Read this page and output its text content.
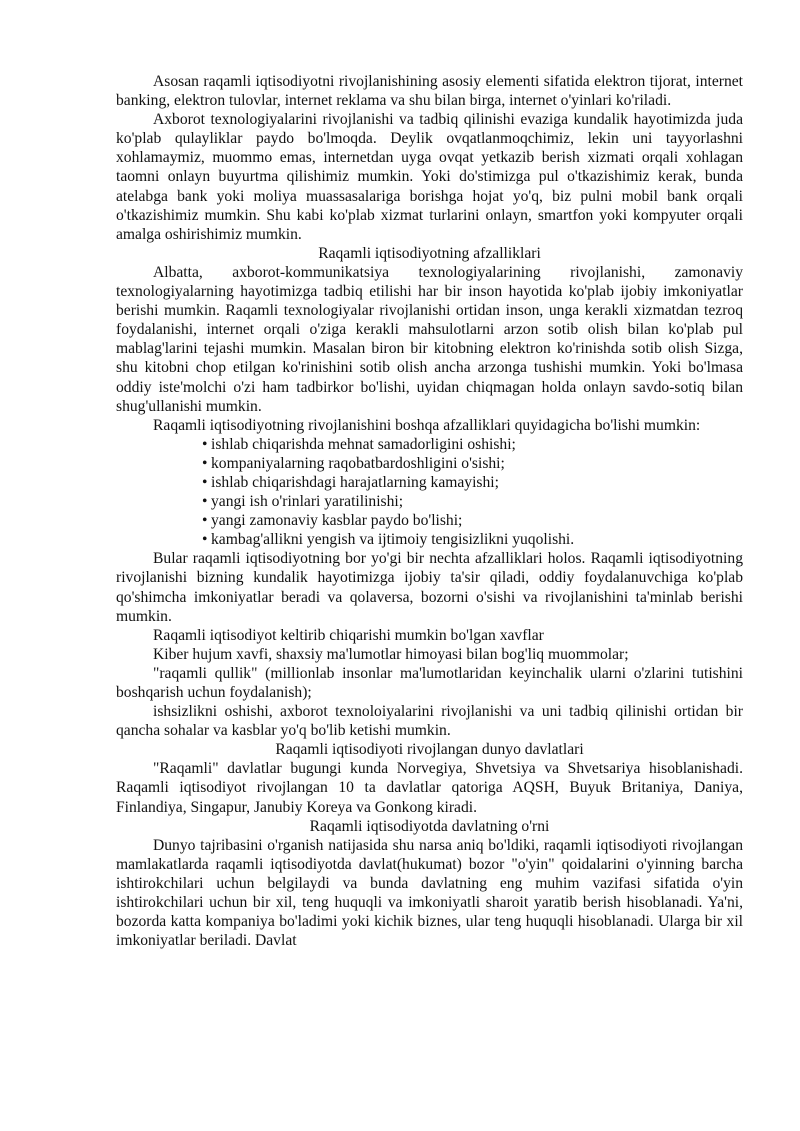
Asosan raqamli iqtisodiyotni rivojlanishining asosiy elementi sifatida elektron tijorat, internet banking, elektron tulovlar, internet reklama va shu bilan birga, internet o'yinlari ko'riladi.
Axborot texnologiyalarini rivojlanishi va tadbiq qilinishi evaziga kundalik hayotimizda juda ko'plab qulayliklar paydo bo'lmoqda. Deylik ovqatlanmoqchimiz, lekin uni tayyorlashni xohlamaymiz, muommo emas, internetdan uyga ovqat yetkazib berish xizmati orqali xohlagan taomni onlayn buyurtma qilishimiz mumkin. Yoki do'stimizga pul o'tkazishimiz kerak, bunda atelabga bank yoki moliya muassasalariga borishga hojat yo'q, biz pulni mobil bank orqali o'tkazishimiz mumkin. Shu kabi ko'plab xizmat turlarini onlayn, smartfon yoki kompyuter orqali amalga oshirishimiz mumkin.
Raqamli iqtisodiyotning afzalliklari
Albatta, axborot-kommunikatsiya texnologiyalarining rivojlanishi, zamonaviy texnologiyalarning hayotimizga tadbiq etilishi har bir inson hayotida ko'plab ijobiy imkoniyatlar berishi mumkin. Raqamli texnologiyalar rivojlanishi ortidan inson, unga kerakli xizmatdan tezroq foydalanishi, internet orqali o'ziga kerakli mahsulotlarni arzon sotib olish bilan ko'plab pul mablag'larini tejashi mumkin. Masalan biron bir kitobning elektron ko'rinishda sotib olish Sizga, shu kitobni chop etilgan ko'rinishini sotib olish ancha arzonga tushishi mumkin. Yoki bo'lmasa oddiy iste'molchi o'zi ham tadbirkor bo'lishi, uyidan chiqmagan holda onlayn savdo-sotiq bilan shug'ullanishi mumkin.
Raqamli iqtisodiyotning rivojlanishini boshqa afzalliklari quyidagicha bo'lishi mumkin:
• ishlab chiqarishda mehnat samadorligini oshishi;
• kompaniyalarning raqobatbardoshligini o'sishi;
• ishlab chiqarishdagi harajatlarning kamayishi;
• yangi ish o'rinlari yaratilinishi;
• yangi zamonaviy kasblar paydo bo'lishi;
• kambag'allikni yengish va ijtimoiy tengisizlikni yuqolishi.
Bular raqamli iqtisodiyotning bor yo'gi bir nechta afzalliklari holos. Raqamli iqtisodiyotning rivojlanishi bizning kundalik hayotimizga ijobiy ta'sir qiladi, oddiy foydalanuvchiga ko'plab qo'shimcha imkoniyatlar beradi va qolaversa, bozorni o'sishi va rivojlanishini ta'minlab berishi mumkin.
Raqamli iqtisodiyot keltirib chiqarishi mumkin bo'lgan xavflar
Kiber hujum xavfi, shaxsiy ma'lumotlar himoyasi bilan bog'liq muommolar;
"raqamli qullik" (millionlab insonlar ma'lumotlaridan keyinchalik ularni o'zlarini tutishini boshqarish uchun foydalanish);
ishsizlikni oshishi, axborot texnoloiyalarini rivojlanishi va uni tadbiq qilinishi ortidan bir qancha sohalar va kasblar yo'q bo'lib ketishi mumkin.
Raqamli iqtisodiyoti rivojlangan dunyo davlatlari
"Raqamli" davlatlar bugungi kunda Norvegiya, Shvetsiya va Shvetsariya hisoblanishadi. Raqamli iqtisodiyot rivojlangan 10 ta davlatlar qatoriga AQSH, Buyuk Britaniya, Daniya, Finlandiya, Singapur, Janubiy Koreya va Gonkong kiradi.
Raqamli iqtisodiyotda davlatning o'rni
Dunyo tajribasini o'rganish natijasida shu narsa aniq bo'ldiki, raqamli iqtisodiyoti rivojlangan mamlakatlarda raqamli iqtisodiyotda davlat(hukumat) bozor "o'yin" qoidalarini o'yinning barcha ishtirokchilari uchun belgilaydi va bunda davlatning eng muhim vazifasi sifatida o'yin ishtirokchilari uchun bir xil, teng huquqli va imkoniyatli sharoit yaratib berish hisoblanadi. Ya'ni, bozorda katta kompaniya bo'ladimi yoki kichik biznes, ular teng huquqli hisoblanadi. Ularga bir xil imkoniyatlar beriladi. Davlat
